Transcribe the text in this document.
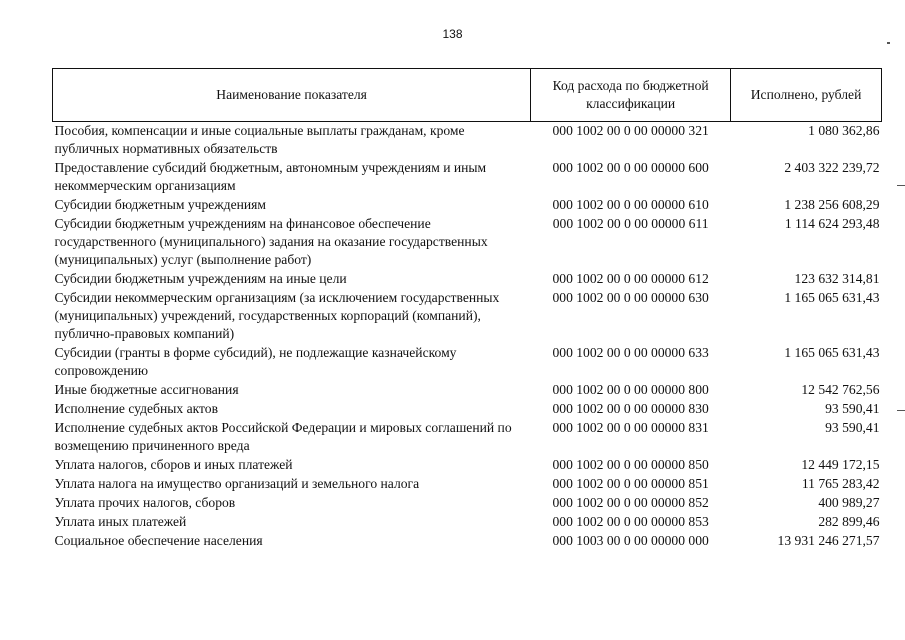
138
Наименование показателя	Код расхода по бюджетной классификации	Исполнено, рублей
Пособия, компенсации и иные социальные выплаты гражданам, кроме публичных нормативных обязательств	000 1002 00 0 00 00000 321	1 080 362,86
Предоставление субсидий бюджетным, автономным учреждениям и иным некоммерческим организациям	000 1002 00 0 00 00000 600	2 403 322 239,72
Субсидии бюджетным учреждениям	000 1002 00 0 00 00000 610	1 238 256 608,29
Субсидии бюджетным учреждениям на финансовое обеспечение государственного (муниципального) задания на оказание государственных (муниципальных) услуг (выполнение работ)	000 1002 00 0 00 00000 611	1 114 624 293,48
Субсидии бюджетным учреждениям на иные цели	000 1002 00 0 00 00000 612	123 632 314,81
Субсидии некоммерческим организациям (за исключением государственных (муниципальных) учреждений, государственных корпораций (компаний), публично-правовых компаний)	000 1002 00 0 00 00000 630	1 165 065 631,43
Субсидии (гранты в форме субсидий), не подлежащие казначейскому сопровождению	000 1002 00 0 00 00000 633	1 165 065 631,43
Иные бюджетные ассигнования	000 1002 00 0 00 00000 800	12 542 762,56
Исполнение судебных актов	000 1002 00 0 00 00000 830	93 590,41
Исполнение судебных актов Российской Федерации и мировых соглашений по возмещению причиненного вреда	000 1002 00 0 00 00000 831	93 590,41
Уплата налогов, сборов и иных платежей	000 1002 00 0 00 00000 850	12 449 172,15
Уплата налога на имущество организаций и земельного налога	000 1002 00 0 00 00000 851	11 765 283,42
Уплата прочих налогов, сборов	000 1002 00 0 00 00000 852	400 989,27
Уплата иных платежей	000 1002 00 0 00 00000 853	282 899,46
Социальное обеспечение населения	000 1003 00 0 00 00000 000	13 931 246 271,57
